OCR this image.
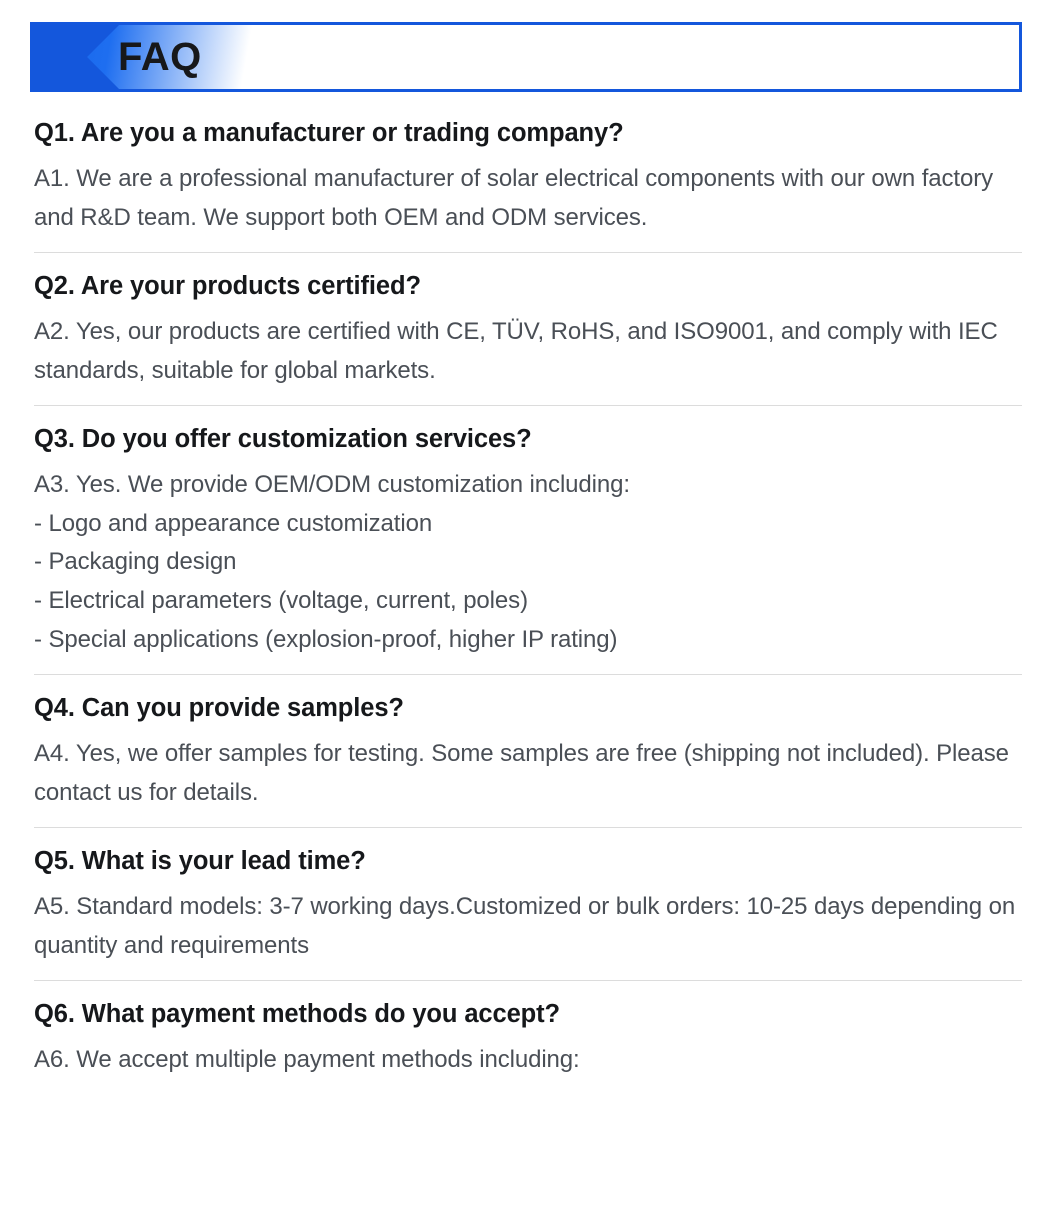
FAQ

Q1. Are you a manufacturer or trading company?

A1. We are a professional manufacturer of solar electrical components with our own factory and R&D team. We support both OEM and ODM services.

Q2. Are your products certified?

A2. Yes, our products are certified with CE, TÜV, RoHS, and ISO9001, and comply with IEC standards, suitable for global markets.

Q3. Do you offer customization services?

A3. Yes. We provide OEM/ODM customization including:

- Logo and appearance customization

- Packaging design

- Electrical parameters (voltage, current, poles)

- Special applications (explosion-proof, higher IP rating)

Q4. Can you provide samples?

A4. Yes, we offer samples for testing. Some samples are free (shipping not included). Please contact us for details.

Q5. What is your lead time?

A5. Standard models: 3-7 working days.Customized or bulk orders: 10-25 days depending on quantity and requirements

Q6. What payment methods do you accept?

A6. We accept multiple payment methods including:
